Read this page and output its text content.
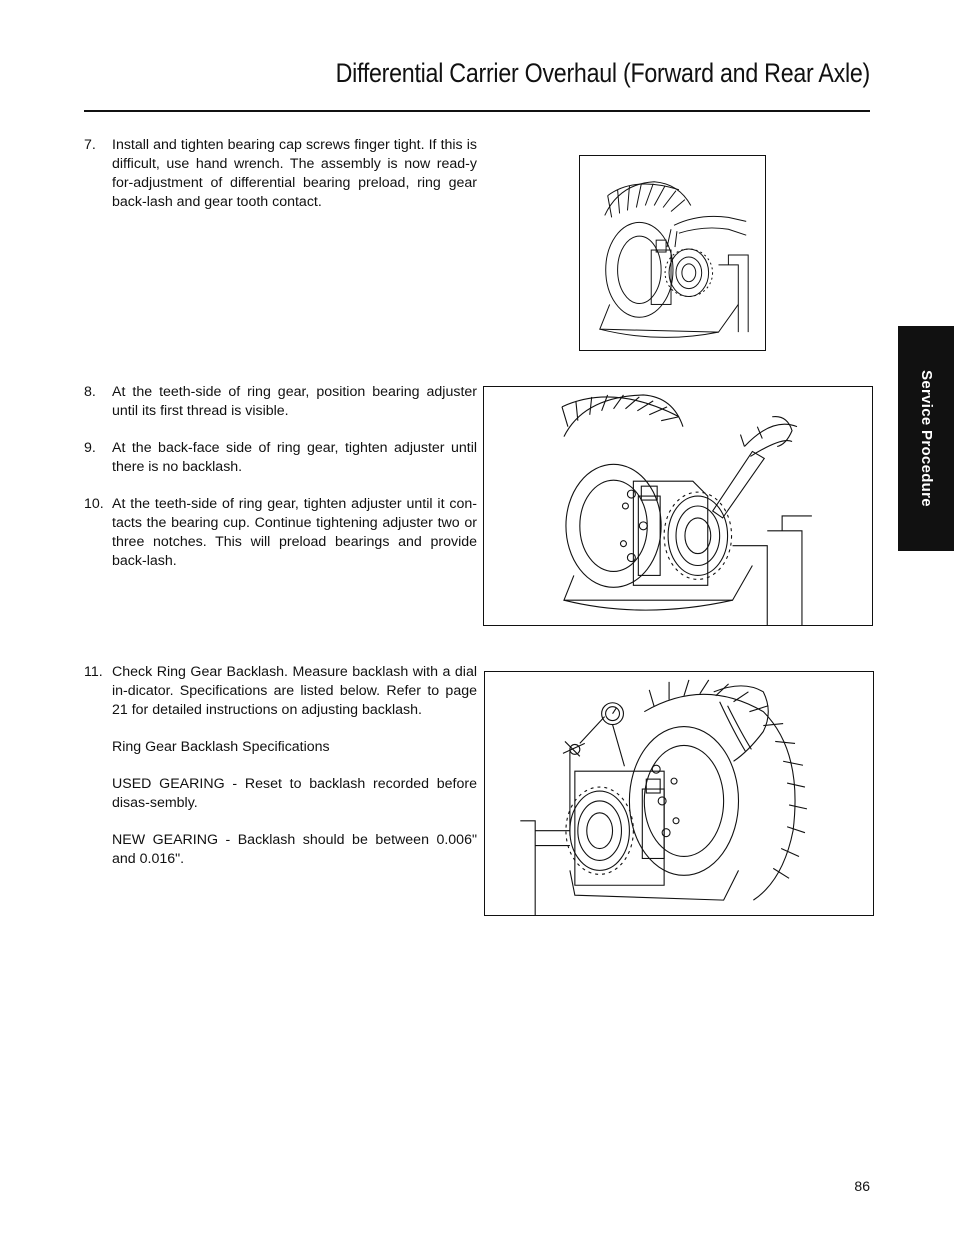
Differential Carrier Overhaul (Forward and Rear Axle)
Service Procedure
7. Install and tighten bearing cap screws finger tight. If this is difficult, use hand wrench. The assembly is now read-y for-adjustment of differential bearing preload, ring gear back-lash and gear tooth contact.
8. At the teeth-side of ring gear, position bearing adjuster until its first thread is visible.
9. At the back-face side of ring gear, tighten adjuster until there is no backlash.
10. At the teeth-side of ring gear, tighten adjuster until it con-tacts the bearing cup. Continue tightening adjuster two or three notches. This will preload bearings and provide back-lash.
11. Check Ring Gear Backlash. Measure backlash with a dial in-dicator. Specifications are listed below. Refer to page 21 for detailed instructions on adjusting backlash.
Ring Gear Backlash Specifications
USED GEARING - Reset to backlash recorded before disas-sembly.
NEW GEARING - Backlash should be between 0.006" and 0.016".
86
